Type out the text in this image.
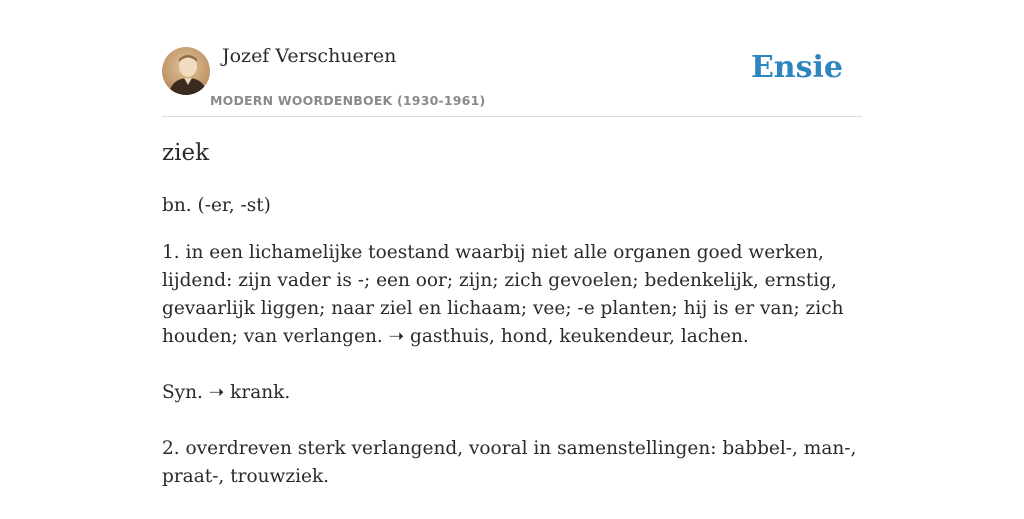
Jozef Verschueren
MODERN WOORDENBOEK (1930-1961)
Ensie
ziek
bn. (-er, -st)

1. in een lichamelijke toestand waarbij niet alle organen goed werken, lijdend: zijn vader is -; een oor; zijn; zich gevoelen; bedenkelijk, ernstig, gevaarlijk liggen; naar ziel en lichaam; vee; -e planten; hij is er van; zich houden; van verlangen. ➝ gasthuis, hond, keukendeur, lachen.

Syn. ➝ krank.

2. overdreven sterk verlangend, vooral in samenstellingen: babbel-, man-, praat-, trouwziek.
